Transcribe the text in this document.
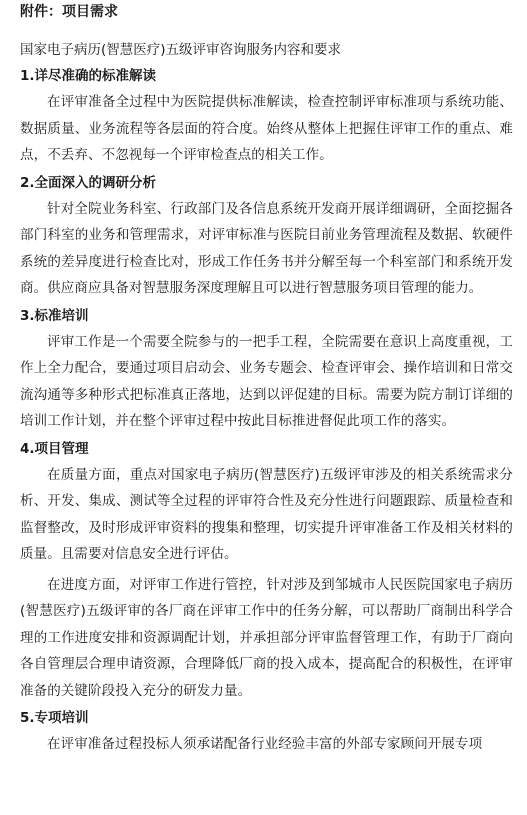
附件：项目需求
国家电子病历(智慧医疗)五级评审咨询服务内容和要求
1.详尽准确的标准解读

在评审准备全过程中为医院提供标准解读，检查控制评审标准项与系统功能、数据质量、业务流程等各层面的符合度。始终从整体上把握住评审工作的重点、难点，不丢弃、不忽视每一个评审检查点的相关工作。

2.全面深入的调研分析

针对全院业务科室、行政部门及各信息系统开发商开展详细调研，全面挖掘各部门科室的业务和管理需求，对评审标准与医院目前业务管理流程及数据、软硬件系统的差异度进行检查比对，形成工作任务书并分解至每一个科室部门和系统开发商。供应商应具备对智慧服务深度理解且可以进行智慧服务项目管理的能力。

3.标准培训

评审工作是一个需要全院参与的一把手工程，全院需要在意识上高度重视，工作上全力配合，要通过项目启动会、业务专题会、检查评审会、操作培训和日常交流沟通等多种形式把标准真正落地，达到以评促建的目标。需要为院方制订详细的培训工作计划，并在整个评审过程中按此目标推进督促此项工作的落实。

4.项目管理

在质量方面，重点对国家电子病历(智慧医疗)五级评审涉及的相关系统需求分析、开发、集成、测试等全过程的评审符合性及充分性进行问题跟踪、质量检查和监督整改，及时形成评审资料的搜集和整理，切实提升评审准备工作及相关材料的质量。且需要对信息安全进行评估。

在进度方面，对评审工作进行管控，针对涉及到邹城市人民医院国家电子病历(智慧医疗)五级评审的各厂商在评审工作中的任务分解，可以帮助厂商制出科学合理的工作进度安排和资源调配计划，并承担部分评审监督管理工作，有助于厂商向各自管理层合理申请资源，合理降低厂商的投入成本，提高配合的积极性，在评审准备的关键阶段投入充分的研发力量。

5.专项培训

在评审准备过程投标人须承诺配备行业经验丰富的外部专家顾问开展专项
